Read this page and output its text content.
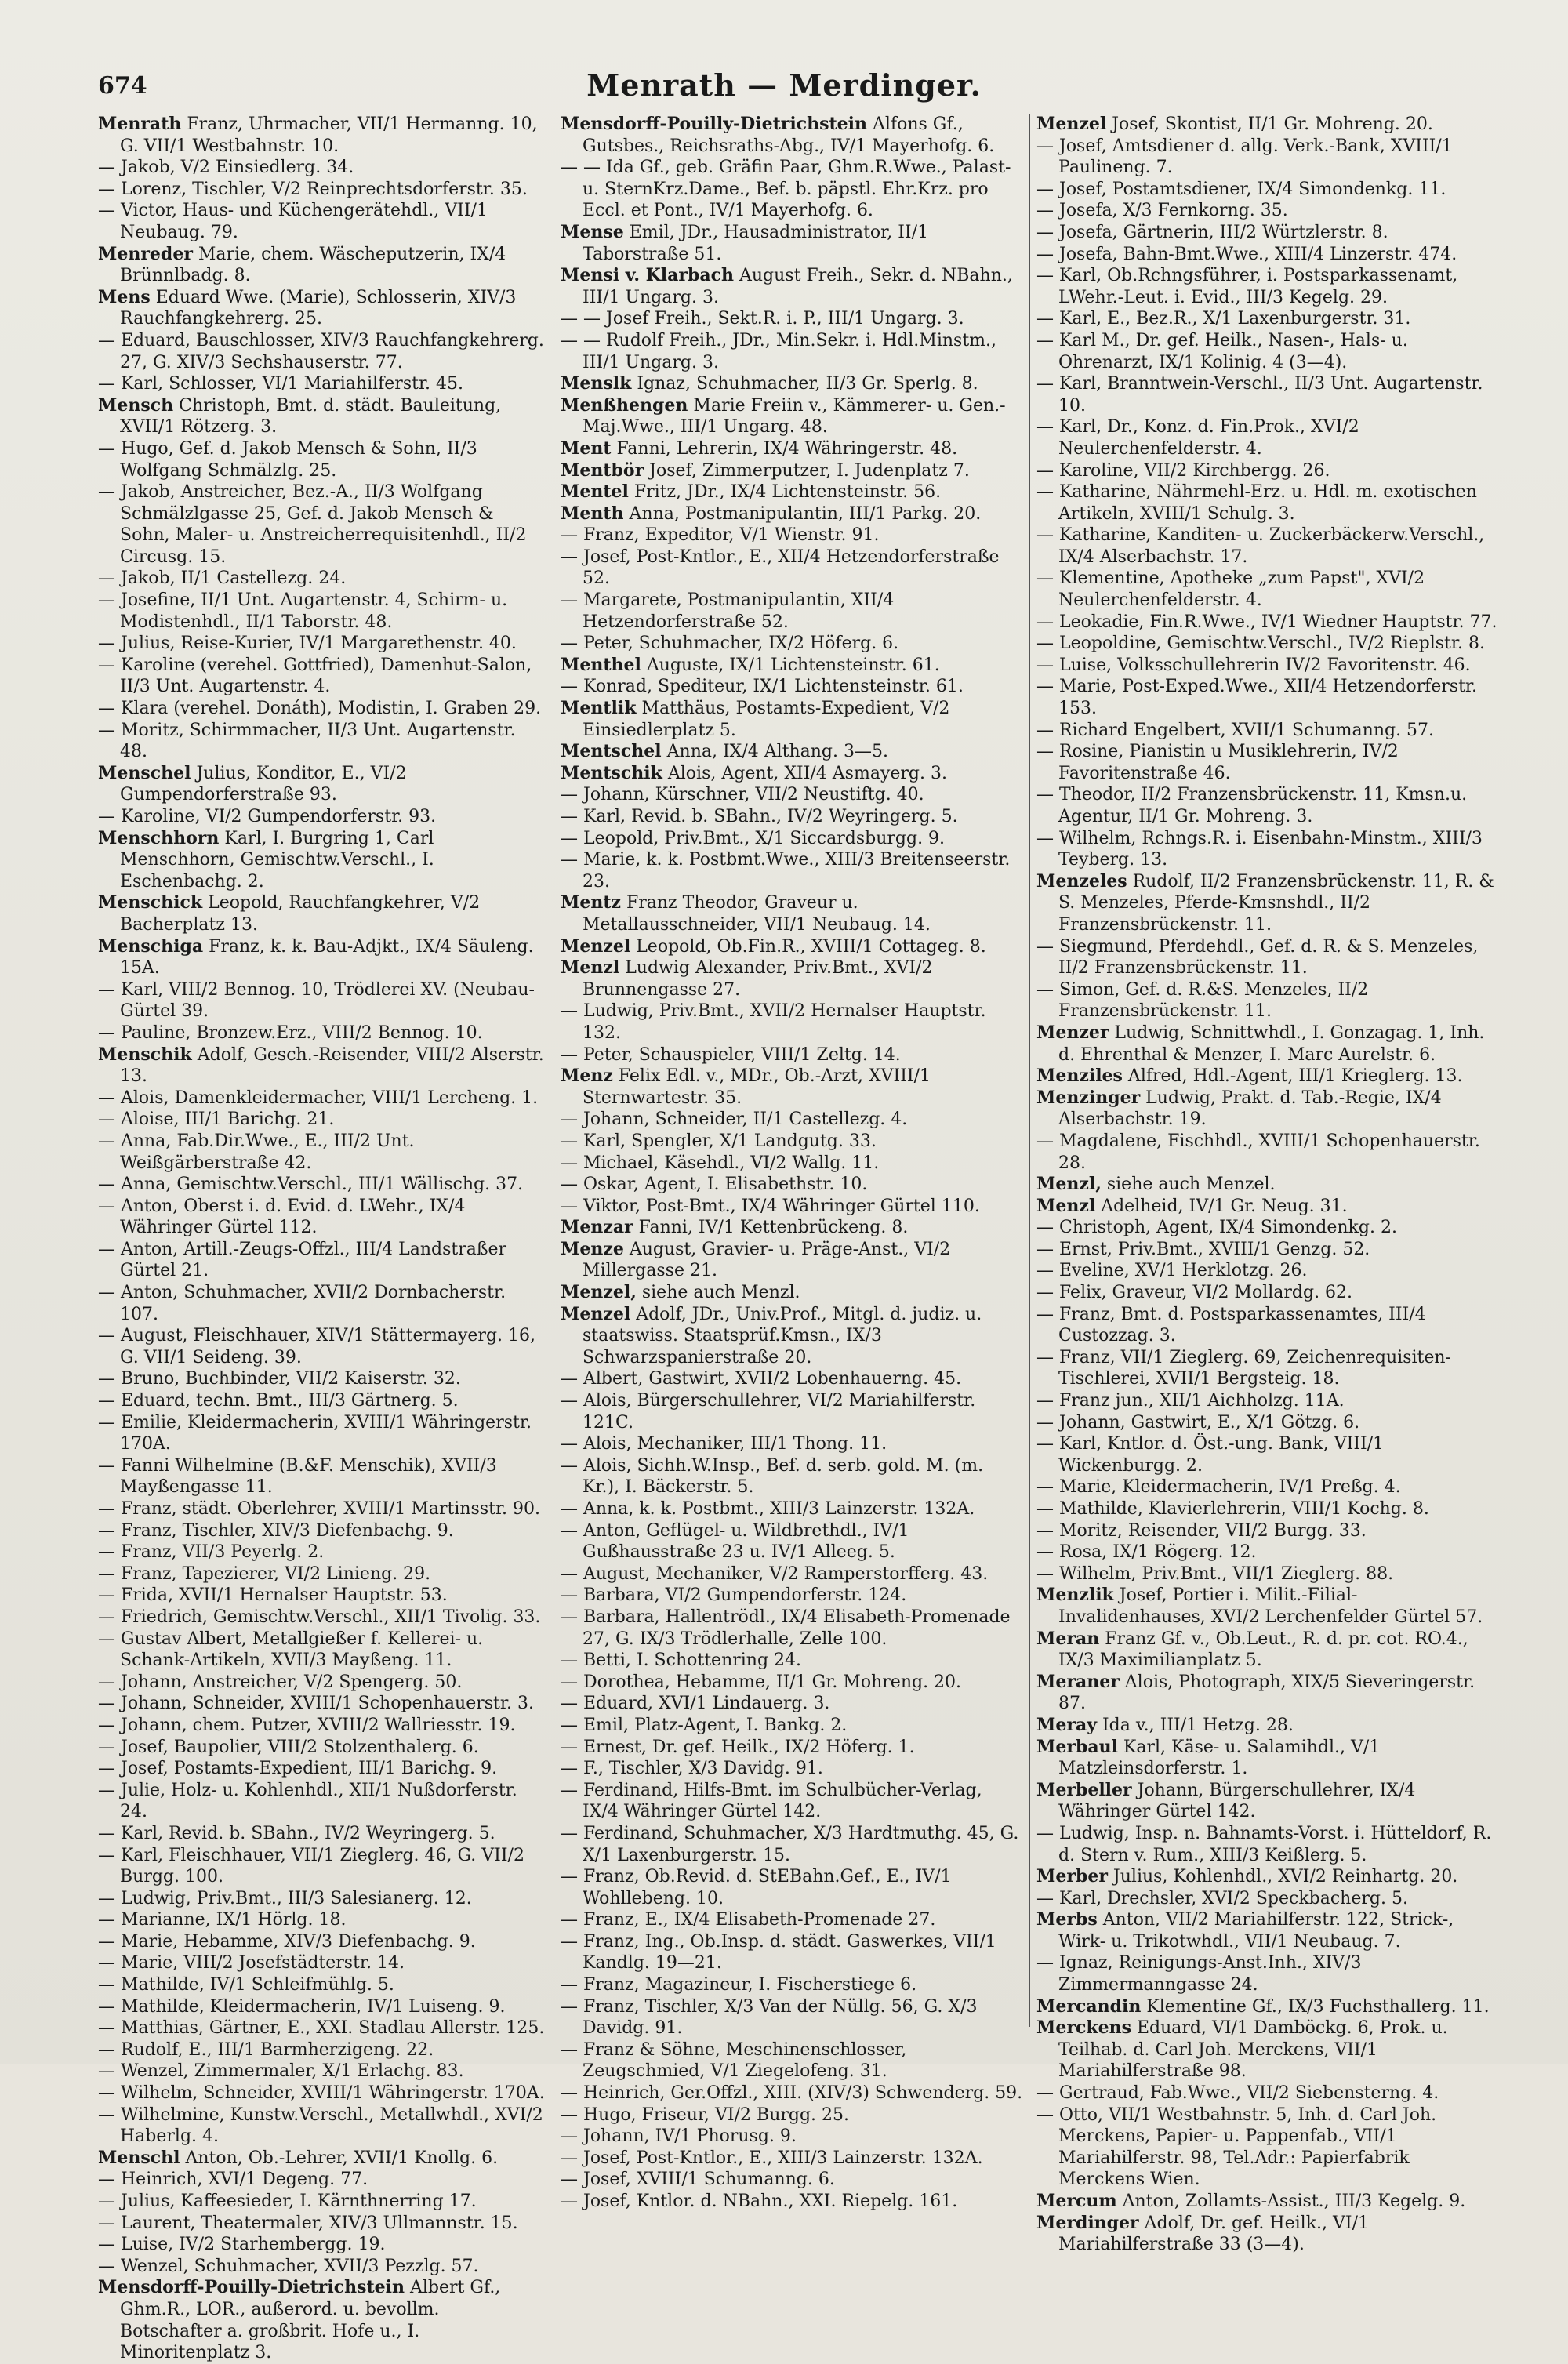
674	Menrath — Merdinger.
Menrath Franz, Uhrmacher, VII/1 Hermanng. 10, G. VII/1 Westbahnstr. 10.
— Jakob, V/2 Einsiedlerg. 34.
— Lorenz, Tischler, V/2 Reinprechtsdorferstr. 35.
— Victor, Haus- und Küchengerätehdl., VII/1 Neubaug. 79.
Menreder Marie, chem. Wäscheputzerin, IX/4 Brünnlbadg. 8.
Mens Eduard Wwe. (Marie), Schlosserin, XIV/3 Rauchfangkehrerg. 25.
— Eduard, Bauschlosser, XIV/3 Rauchfangkehrerg. 27, G. XIV/3 Sechshauserstr. 77.
— Karl, Schlosser, VI/1 Mariahilferstr. 45.
Mensch Christoph, Bmt. d. städt. Bauleitung, XVII/1 Rötzerg. 3.
— Hugo, Gef. d. Jakob Mensch & Sohn, II/3 Wolfgang Schmälzlg. 25.
— Jakob, Anstreicher, Bez.-A., II/3 Wolfgang Schmälzlgasse 25, Gef. d. Jakob Mensch & Sohn, Maler- u. Anstreicherrequisitenhdl., II/2 Circusg. 15.
— Jakob, II/1 Castellezg. 24.
— Josefine, II/1 Unt. Augartenstr. 4, Schirm- u. Modistenhdl., II/1 Taborstr. 48.
— Julius, Reise-Kurier, IV/1 Margarethenstr. 40.
— Karoline (verehel. Gottfried), Damenhut-Salon, II/3 Unt. Augartenstr. 4.
— Klara (verehel. Donáth), Modistin, I. Graben 29.
— Moritz, Schirmmacher, II/3 Unt. Augartenstr. 48.
Menschel Julius, Konditor, E., VI/2 Gumpendorferstraße 93.
— Karoline, VI/2 Gumpendorferstr. 93.
Menschhorn Karl, I. Burgring 1, Carl Menschhorn, Gemischtw.Verschl., I. Eschenbachg. 2.
Menschick Leopold, Rauchfangkehrer, V/2 Bacherplatz 13.
Menschiga Franz, k. k. Bau-Adjkt., IX/4 Säuleng. 15A.
— Karl, VIII/2 Bennog. 10, Trödlerei XV. (Neubau-Gürtel 39.
— Pauline, Bronzew.Erz., VIII/2 Bennog. 10.
Menschik Adolf, Gesch.-Reisender, VIII/2 Alserstr. 13.
— Alois, Damenkleidermacher, VIII/1 Lercheng. 1.
— Aloise, III/1 Barichg. 21.
— Anna, Fab.Dir.Wwe., E., III/2 Unt. Weißgärberstraße 42.
— Anna, Gemischtw.Verschl., III/1 Wällischg. 37.
— Anton, Oberst i. d. Evid. d. LWehr., IX/4 Währinger Gürtel 112.
— Anton, Artill.-Zeugs-Offzl., III/4 Landstraßer Gürtel 21.
— Anton, Schuhmacher, XVII/2 Dornbacherstr. 107.
— August, Fleischhauer, XIV/1 Stättermayerg. 16, G. VII/1 Seideng. 39.
— Bruno, Buchbinder, VII/2 Kaiserstr. 32.
— Eduard, techn. Bmt., III/3 Gärtnerg. 5.
— Emilie, Kleidermacherin, XVIII/1 Währingerstr. 170A.
— Fanni Wilhelmine (B.&F. Menschik), XVII/3 Mayßengasse 11.
— Franz, städt. Oberlehrer, XVIII/1 Martinsstr. 90.
— Franz, Tischler, XIV/3 Diefenbachg. 9.
— Franz, VII/3 Peyerlg. 2.
— Franz, Tapezierer, VI/2 Linieng. 29.
— Frida, XVII/1 Hernalser Hauptstr. 53.
— Friedrich, Gemischtw.Verschl., XII/1 Tivolig. 33.
— Gustav Albert, Metallgießer f. Kellerei- u. Schank-Artikeln, XVII/3 Mayßeng. 11.
— Johann, Anstreicher, V/2 Spengerg. 50.
— Johann, Schneider, XVIII/1 Schopenhauerstr. 3.
— Johann, chem. Putzer, XVIII/2 Wallriesstr. 19.
— Josef, Baupolier, VIII/2 Stolzenthalerg. 6.
— Josef, Postamts-Expedient, III/1 Barichg. 9.
— Julie, Holz- u. Kohlenhdl., XII/1 Nußdorferstr. 24.
— Karl, Revid. b. SBahn., IV/2 Weyringerg. 5.
— Karl, Fleischhauer, VII/1 Zieglerg. 46, G. VII/2 Burgg. 100.
— Ludwig, Priv.Bmt., III/3 Salesianerg. 12.
— Marianne, IX/1 Hörlg. 18.
— Marie, Hebamme, XIV/3 Diefenbachg. 9.
— Marie, VIII/2 Josefstädterstr. 14.
— Mathilde, IV/1 Schleifmühlg. 5.
— Mathilde, Kleidermacherin, IV/1 Luiseng. 9.
— Matthias, Gärtner, E., XXI. Stadlau Allerstr. 125.
— Rudolf, E., III/1 Barmherzigeng. 22.
— Wenzel, Zimmermaler, X/1 Erlachg. 83.
— Wilhelm, Schneider, XVIII/1 Währingerstr. 170A.
— Wilhelmine, Kunstw.Verschl., Metallwhdl., XVI/2 Haberlg. 4.
Menschl Anton, Ob.-Lehrer, XVII/1 Knollg. 6.
— Heinrich, XVI/1 Degeng. 77.
— Julius, Kaffeesieder, I. Kärnthnerring 17.
— Laurent, Theatermaler, XIV/3 Ullmannstr. 15.
— Luise, IV/2 Starhembergg. 19.
— Wenzel, Schuhmacher, XVII/3 Pezzlg. 57.
Mensdorff-Pouilly-Dietrichstein Albert Gf., Ghm.R., LOR., außerord. u. bevollm. Botschafter a. großbrit. Hofe u., I. Minoritenplatz 3.
Mensdorff-Pouilly-Dietrichstein Alfons Gf., Gutsbes., Reichsraths-Abg., IV/1 Mayerhofg. 6.
— — Ida Gf., geb. Gräfin Paar, Ghm.R.Wwe., Palast- u. SternKrz.Dame., Bef. b. päpstl. Ehr.Krz. pro Eccl. et Pont., IV/1 Mayerhofg. 6.
Mense Emil, JDr., Hausadministrator, II/1 Taborstraße 51.
Mensi v. Klarbach August Freih., Sekr. d. NBahn., III/1 Ungarg. 3.
— — Josef Freih., Sekt.R. i. P., III/1 Ungarg. 3.
— — Rudolf Freih., JDr., Min.Sekr. i. Hdl.Minstm., III/1 Ungarg. 3.
Menslk Ignaz, Schuhmacher, II/3 Gr. Sperlg. 8.
Menßhengen Marie Freiin v., Kämmerer- u. Gen.-Maj.Wwe., III/1 Ungarg. 48.
Ment Fanni, Lehrerin, IX/4 Währingerstr. 48.
Mentbör Josef, Zimmerputzer, I. Judenplatz 7.
Mentel Fritz, JDr., IX/4 Lichtensteinstr. 56.
Menth Anna, Postmanipulantin, III/1 Parkg. 20.
— Franz, Expeditor, V/1 Wienstr. 91.
— Josef, Post-Kntlor., E., XII/4 Hetzendorferstraße 52.
— Margarete, Postmanipulantin, XII/4 Hetzendorferstraße 52.
— Peter, Schuhmacher, IX/2 Höferg. 6.
Menthel Auguste, IX/1 Lichtensteinstr. 61.
— Konrad, Spediteur, IX/1 Lichtensteinstr. 61.
Mentlik Matthäus, Postamts-Expedient, V/2 Einsiedlerplatz 5.
Mentschel Anna, IX/4 Althang. 3—5.
Mentschik Alois, Agent, XII/4 Asmayerg. 3.
— Johann, Kürschner, VII/2 Neustiftg. 40.
— Karl, Revid. b. SBahn., IV/2 Weyringerg. 5.
— Leopold, Priv.Bmt., X/1 Siccardsburgg. 9.
— Marie, k. k. Postbmt.Wwe., XIII/3 Breitenseerstr. 23.
Mentz Franz Theodor, Graveur u. Metallausschneider, VII/1 Neubaug. 14.
Menzel Leopold, Ob.Fin.R., XVIII/1 Cottageg. 8.
Menzl Ludwig Alexander, Priv.Bmt., XVI/2 Brunnengasse 27.
— Ludwig, Priv.Bmt., XVII/2 Hernalser Hauptstr. 132.
— Peter, Schauspieler, VIII/1 Zeltg. 14.
Menz Felix Edl. v., MDr., Ob.-Arzt, XVIII/1 Sternwartestr. 35.
— Johann, Schneider, II/1 Castellezg. 4.
— Karl, Spengler, X/1 Landgutg. 33.
— Michael, Käsehdl., VI/2 Wallg. 11.
— Oskar, Agent, I. Elisabethstr. 10.
— Viktor, Post-Bmt., IX/4 Währinger Gürtel 110.
Menzar Fanni, IV/1 Kettenbrückeng. 8.
Menze August, Gravier- u. Präge-Anst., VI/2 Millergasse 21.
Menzel, siehe auch Menzl.
Menzel Adolf, JDr., Univ.Prof., Mitgl. d. judiz. u. staatswiss. Staatsprüf.Kmsn., IX/3 Schwarzspanierstraße 20.
— Albert, Gastwirt, XVII/2 Lobenhauerng. 45.
— Alois, Bürgerschullehrer, VI/2 Mariahilferstr. 121C.
— Alois, Mechaniker, III/1 Thong. 11.
— Alois, Sichh.W.Insp., Bef. d. serb. gold. M. (m. Kr.), I. Bäckerstr. 5.
— Anna, k. k. Postbmt., XIII/3 Lainzerstr. 132A.
— Anton, Geflügel- u. Wildbrethdl., IV/1 Gußhausstraße 23 u. IV/1 Alleeg. 5.
— August, Mechaniker, V/2 Ramperstorfferg. 43.
— Barbara, VI/2 Gumpendorferstr. 124.
— Barbara, Hallentrödl., IX/4 Elisabeth-Promenade 27, G. IX/3 Trödlerhalle, Zelle 100.
— Betti, I. Schottenring 24.
— Dorothea, Hebamme, II/1 Gr. Mohreng. 20.
— Eduard, XVI/1 Lindauerg. 3.
— Emil, Platz-Agent, I. Bankg. 2.
— Ernest, Dr. gef. Heilk., IX/2 Höferg. 1.
— F., Tischler, X/3 Davidg. 91.
— Ferdinand, Hilfs-Bmt. im Schulbücher-Verlag, IX/4 Währinger Gürtel 142.
— Ferdinand, Schuhmacher, X/3 Hardtmuthg. 45, G. X/1 Laxenburgerstr. 15.
— Franz, Ob.Revid. d. StEBahn.Gef., E., IV/1 Wohllebeng. 10.
— Franz, E., IX/4 Elisabeth-Promenade 27.
— Franz, Ing., Ob.Insp. d. städt. Gaswerkes, VII/1 Kandlg. 19—21.
— Franz, Magazineur, I. Fischerstiege 6.
— Franz, Tischler, X/3 Van der Nüllg. 56, G. X/3 Davidg. 91.
— Franz & Söhne, Meschinenschlosser, Zeugschmied, V/1 Ziegelofeng. 31.
— Heinrich, Ger.Offzl., XIII. (XIV/3) Schwenderg. 59.
— Hugo, Friseur, VI/2 Burgg. 25.
— Johann, IV/1 Phorusg. 9.
— Josef, Post-Kntlor., E., XIII/3 Lainzerstr. 132A.
— Josef, XVIII/1 Schumanng. 6.
— Josef, Kntlor. d. NBahn., XXI. Riepelg. 161.
Menzel Josef, Skontist, II/1 Gr. Mohreng. 20.
— Josef, Amtsdiener d. allg. Verk.-Bank, XVIII/1 Paulineng. 7.
— Josef, Postamtsdiener, IX/4 Simondenkg. 11.
— Josefa, X/3 Fernkorng. 35.
— Josefa, Gärtnerin, III/2 Würtzlerstr. 8.
— Josefa, Bahn-Bmt.Wwe., XIII/4 Linzerstr. 474.
— Karl, Ob.Rchngsführer, i. Postsparkassenamt, LWehr.-Leut. i. Evid., III/3 Kegelg. 29.
— Karl, E., Bez.R., X/1 Laxenburgerstr. 31.
— Karl M., Dr. gef. Heilk., Nasen-, Hals- u. Ohrenarzt, IX/1 Kolinig. 4 (3—4).
— Karl, Branntwein-Verschl., II/3 Unt. Augartenstr. 10.
— Karl, Dr., Konz. d. Fin.Prok., XVI/2 Neulerchenfelderstr. 4.
— Karoline, VII/2 Kirchbergg. 26.
— Katharine, Nährmehl-Erz. u. Hdl. m. exotischen Artikeln, XVIII/1 Schulg. 3.
— Katharine, Kanditen- u. Zuckerbäckerw.Verschl., IX/4 Alserbachstr. 17.
— Klementine, Apotheke „zum Papst", XVI/2 Neulerchenfelderstr. 4.
— Leokadie, Fin.R.Wwe., IV/1 Wiedner Hauptstr. 77.
— Leopoldine, Gemischtw.Verschl., IV/2 Rieplstr. 8.
— Luise, Volksschullehrerin IV/2 Favoritenstr. 46.
— Marie, Post-Exped.Wwe., XII/4 Hetzendorferstr. 153.
— Richard Engelbert, XVII/1 Schumanng. 57.
— Rosine, Pianistin u Musiklehrerin, IV/2 Favoritenstraße 46.
— Theodor, II/2 Franzensbrückenstr. 11, Kmsn.u. Agentur, II/1 Gr. Mohreng. 3.
— Wilhelm, Rchngs.R. i. Eisenbahn-Minstm., XIII/3 Teyberg. 13.
Menzeles Rudolf, II/2 Franzensbrückenstr. 11, R. & S. Menzeles, Pferde-Kmsnshdl., II/2 Franzensbrückenstr. 11.
— Siegmund, Pferdehdl., Gef. d. R. & S. Menzeles, II/2 Franzensbrückenstr. 11.
— Simon, Gef. d. R.&S. Menzeles, II/2 Franzensbrückenstr. 11.
Menzer Ludwig, Schnittwhdl., I. Gonzagag. 1, Inh. d. Ehrenthal & Menzer, I. Marc Aurelstr. 6.
Menziles Alfred, Hdl.-Agent, III/1 Krieglerg. 13.
Menzinger Ludwig, Prakt. d. Tab.-Regie, IX/4 Alserbachstr. 19.
— Magdalene, Fischhdl., XVIII/1 Schopenhauerstr. 28.
Menzl, siehe auch Menzel.
Menzl Adelheid, IV/1 Gr. Neug. 31.
— Christoph, Agent, IX/4 Simondenkg. 2.
— Ernst, Priv.Bmt., XVIII/1 Genzg. 52.
— Eveline, XV/1 Herklotzg. 26.
— Felix, Graveur, VI/2 Mollardg. 62.
— Franz, Bmt. d. Postsparkassenamtes, III/4 Custozzag. 3.
— Franz, VII/1 Zieglerg. 69, Zeichenrequisiten-Tischlerei, XVII/1 Bergsteig. 18.
— Franz jun., XII/1 Aichholzg. 11A.
— Johann, Gastwirt, E., X/1 Götzg. 6.
— Karl, Kntlor. d. Öst.-ung. Bank, VIII/1 Wickenburgg. 2.
— Marie, Kleidermacherin, IV/1 Preßg. 4.
— Mathilde, Klavierlehrerin, VIII/1 Kochg. 8.
— Moritz, Reisender, VII/2 Burgg. 33.
— Rosa, IX/1 Rögerg. 12.
— Wilhelm, Priv.Bmt., VII/1 Zieglerg. 88.
Menzlik Josef, Portier i. Milit.-Filial-Invalidenhauses, XVI/2 Lerchenfelder Gürtel 57.
Meran Franz Gf. v., Ob.Leut., R. d. pr. cot. RO.4., IX/3 Maximilianplatz 5.
Meraner Alois, Photograph, XIX/5 Sieveringerstr. 87.
Meray Ida v., III/1 Hetzg. 28.
Merbaul Karl, Käse- u. Salamihdl., V/1 Matzleinsdorferstr. 1.
Merbeller Johann, Bürgerschullehrer, IX/4 Währinger Gürtel 142.
— Ludwig, Insp. n. Bahnamts-Vorst. i. Hütteldorf, R. d. Stern v. Rum., XIII/3 Keißlerg. 5.
Merber Julius, Kohlenhdl., XVI/2 Reinhartg. 20.
— Karl, Drechsler, XVI/2 Speckbacherg. 5.
Merbs Anton, VII/2 Mariahilferstr. 122, Strick-, Wirk- u. Trikotwhdl., VII/1 Neubaug. 7.
— Ignaz, Reinigungs-Anst.Inh., XIV/3 Zimmermanngasse 24.
Mercandin Klementine Gf., IX/3 Fuchsthallerg. 11.
Merckens Eduard, VI/1 Damböckg. 6, Prok. u. Teilhab. d. Carl Joh. Merckens, VII/1 Mariahilferstraße 98.
— Gertraud, Fab.Wwe., VII/2 Siebensterng. 4.
— Otto, VII/1 Westbahnstr. 5, Inh. d. Carl Joh. Merckens, Papier- u. Pappenfab., VII/1 Mariahilferstr. 98, Tel.Adr.: Papierfabrik Merckens Wien.
Mercum Anton, Zollamts-Assist., III/3 Kegelg. 9.
Merdinger Adolf, Dr. gef. Heilk., VI/1 Mariahilferstraße 33 (3—4).
